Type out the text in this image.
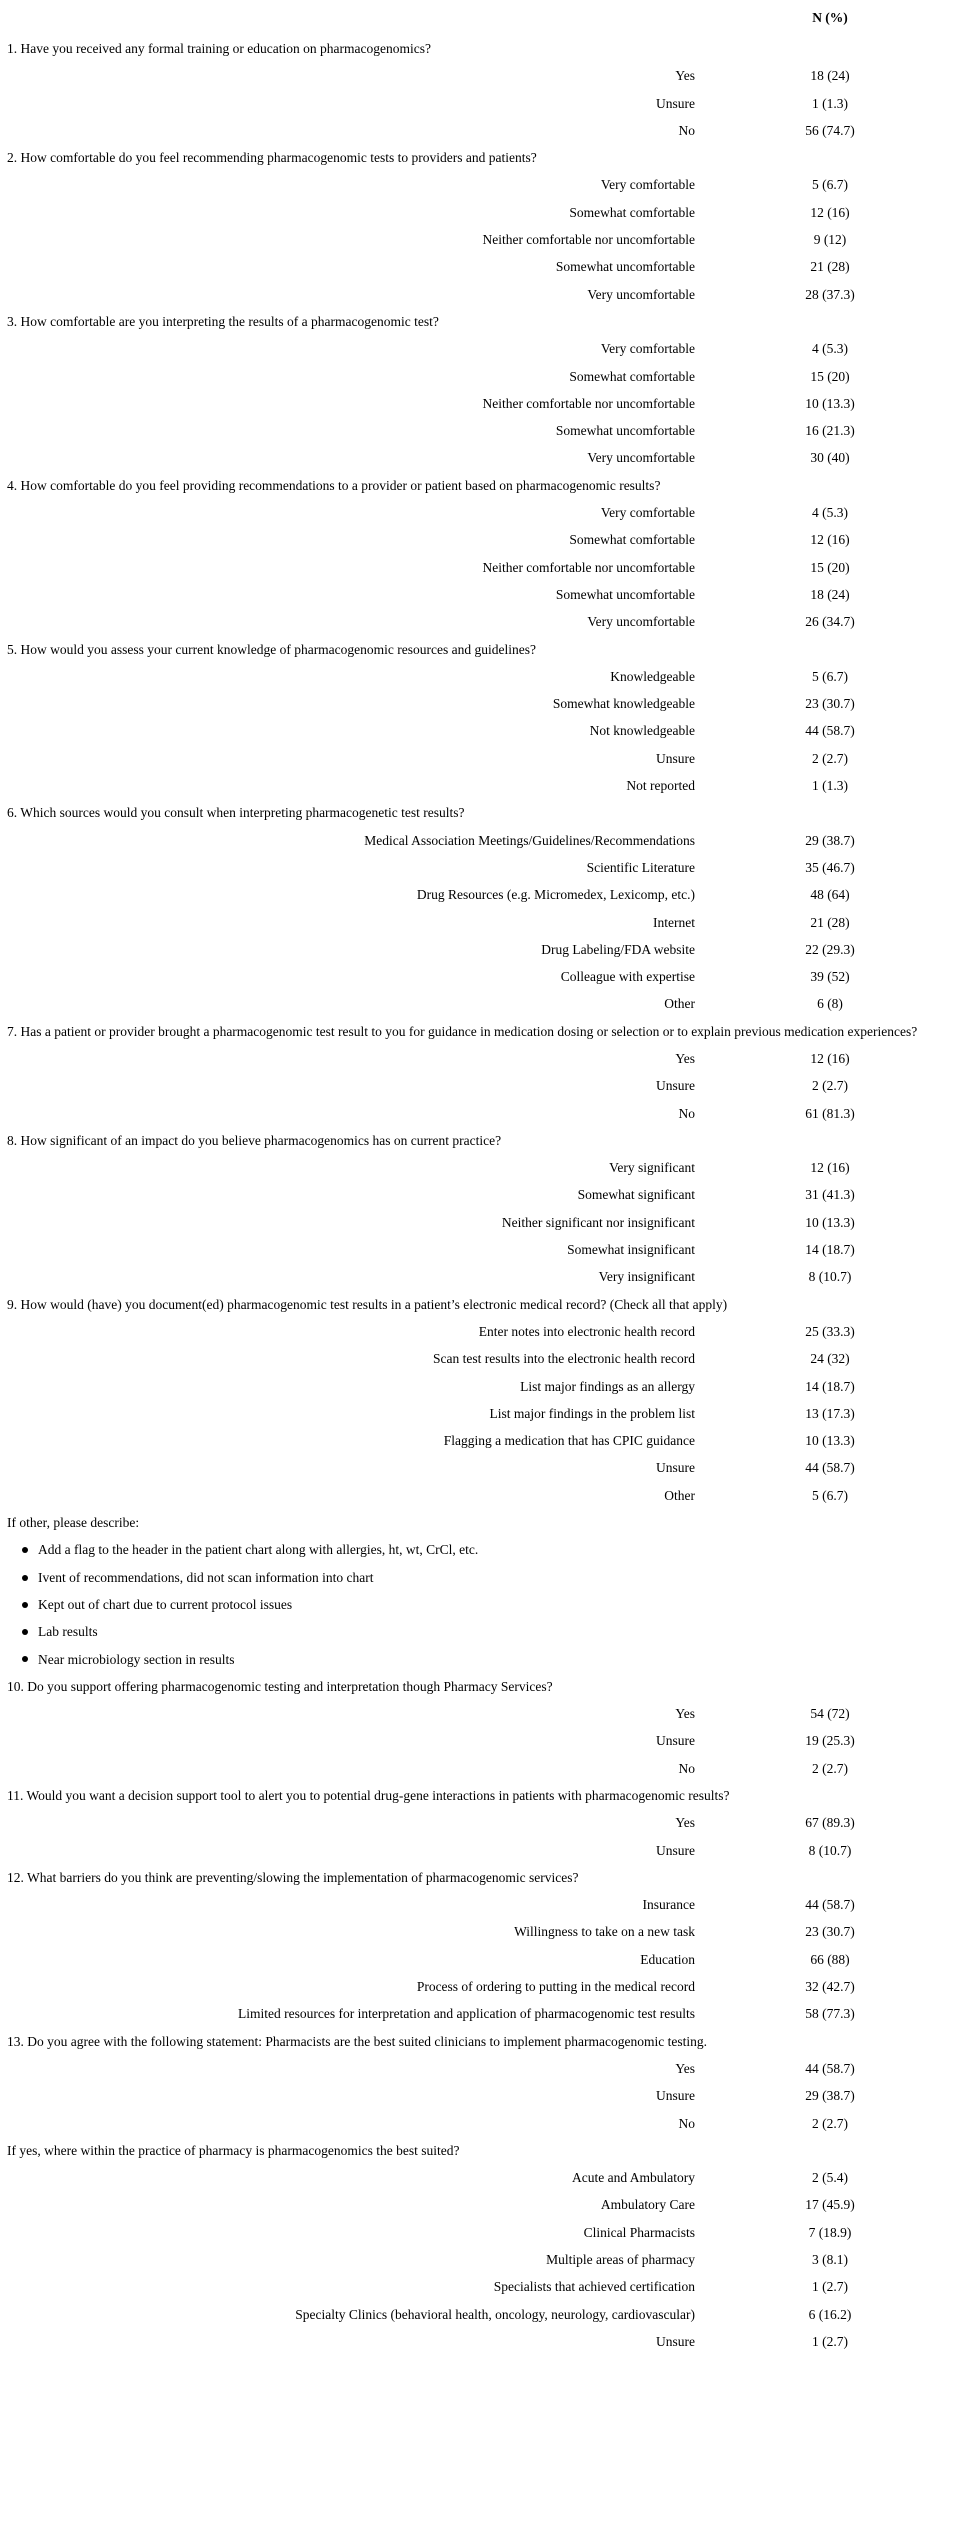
N (%)
1. Have you received any formal training or education on pharmacogenomics?
Yes	18 (24)
Unsure	1 (1.3)
No	56 (74.7)
2. How comfortable do you feel recommending pharmacogenomic tests to providers and patients?
Very comfortable	5 (6.7)
Somewhat comfortable	12 (16)
Neither comfortable nor uncomfortable	9 (12)
Somewhat uncomfortable	21 (28)
Very uncomfortable	28 (37.3)
3. How comfortable are you interpreting the results of a pharmacogenomic test?
Very comfortable	4 (5.3)
Somewhat comfortable	15 (20)
Neither comfortable nor uncomfortable	10 (13.3)
Somewhat uncomfortable	16 (21.3)
Very uncomfortable	30 (40)
4. How comfortable do you feel providing recommendations to a provider or patient based on pharmacogenomic results?
Very comfortable	4 (5.3)
Somewhat comfortable	12 (16)
Neither comfortable nor uncomfortable	15 (20)
Somewhat uncomfortable	18 (24)
Very uncomfortable	26 (34.7)
5. How would you assess your current knowledge of pharmacogenomic resources and guidelines?
Knowledgeable	5 (6.7)
Somewhat knowledgeable	23 (30.7)
Not knowledgeable	44 (58.7)
Unsure	2 (2.7)
Not reported	1 (1.3)
6. Which sources would you consult when interpreting pharmacogenetic test results?
Medical Association Meetings/Guidelines/Recommendations	29 (38.7)
Scientific Literature	35 (46.7)
Drug Resources (e.g. Micromedex, Lexicomp, etc.)	48 (64)
Internet	21 (28)
Drug Labeling/FDA website	22 (29.3)
Colleague with expertise	39 (52)
Other	6 (8)
7. Has a patient or provider brought a pharmacogenomic test result to you for guidance in medication dosing or selection or to explain previous medication experiences?
Yes	12 (16)
Unsure	2 (2.7)
No	61 (81.3)
8. How significant of an impact do you believe pharmacogenomics has on current practice?
Very significant	12 (16)
Somewhat significant	31 (41.3)
Neither significant nor insignificant	10 (13.3)
Somewhat insignificant	14 (18.7)
Very insignificant	8 (10.7)
9. How would (have) you document(ed) pharmacogenomic test results in a patient’s electronic medical record? (Check all that apply)
Enter notes into electronic health record	25 (33.3)
Scan test results into the electronic health record	24 (32)
List major findings as an allergy	14 (18.7)
List major findings in the problem list	13 (17.3)
Flagging a medication that has CPIC guidance	10 (13.3)
Unsure	44 (58.7)
Other	5 (6.7)
If other, please describe:
Add a flag to the header in the patient chart along with allergies, ht, wt, CrCl, etc.
Ivent of recommendations, did not scan information into chart
Kept out of chart due to current protocol issues
Lab results
Near microbiology section in results
10. Do you support offering pharmacogenomic testing and interpretation though Pharmacy Services?
Yes	54 (72)
Unsure	19 (25.3)
No	2 (2.7)
11. Would you want a decision support tool to alert you to potential drug-gene interactions in patients with pharmacogenomic results?
Yes	67 (89.3)
Unsure	8 (10.7)
12. What barriers do you think are preventing/slowing the implementation of pharmacogenomic services?
Insurance	44 (58.7)
Willingness to take on a new task	23 (30.7)
Education	66 (88)
Process of ordering to putting in the medical record	32 (42.7)
Limited resources for interpretation and application of pharmacogenomic test results	58 (77.3)
13. Do you agree with the following statement: Pharmacists are the best suited clinicians to implement pharmacogenomic testing.
Yes	44 (58.7)
Unsure	29 (38.7)
No	2 (2.7)
If yes, where within the practice of pharmacy is pharmacogenomics the best suited?
Acute and Ambulatory	2 (5.4)
Ambulatory Care	17 (45.9)
Clinical Pharmacists	7 (18.9)
Multiple areas of pharmacy	3 (8.1)
Specialists that achieved certification	1 (2.7)
Specialty Clinics (behavioral health, oncology, neurology, cardiovascular)	6 (16.2)
Unsure	1 (2.7)
